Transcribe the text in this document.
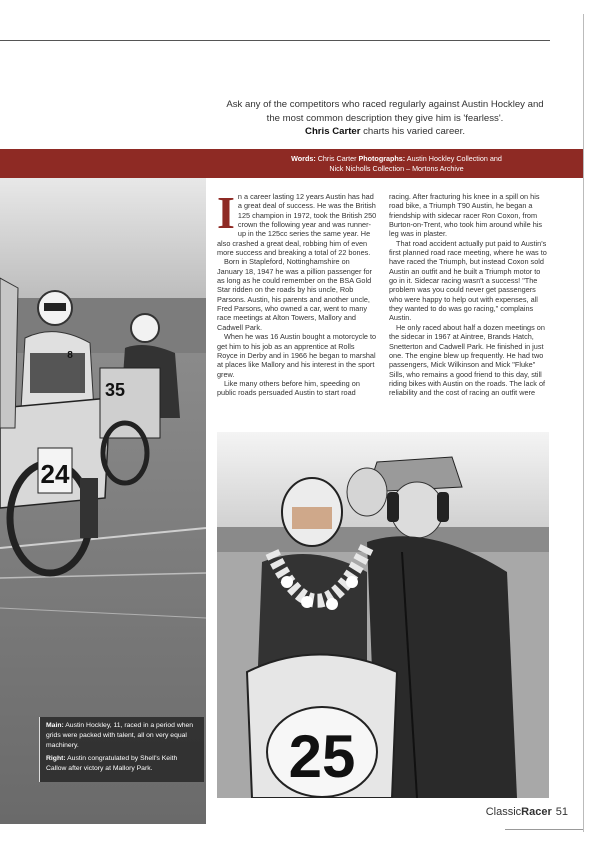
Ask any of the competitors who raced regularly against Austin Hockley and
the most common description they give him is 'fearless'.
Chris Carter charts his varied career.
Words: Chris Carter Photographs: Austin Hockley Collection and
Nick Nicholls Collection – Mortons Archive
I n a career lasting 12 years Austin has had a great deal of success. He was the British 125 champion in 1972, took the British 250 crown the following year and was runner-up in the 125cc series the same year. He also crashed a great deal, robbing him of even more success and breaking a total of 22 bones.

Born in Stapleford, Nottinghamshire on January 18, 1947 he was a pillion passenger for as long as he could remember on the BSA Gold Star ridden on the roads by his uncle, Rob Parsons. Austin, his parents and another uncle, Fred Parsons, who owned a car, went to many race meetings at Alton Towers, Mallory and Cadwell Park.

When he was 16 Austin bought a motorcycle to get him to his job as an apprentice at Rolls Royce in Derby and in 1966 he began to marshal at places like Mallory and his interest in the sport grew.

Like many others before him, speeding on public roads persuaded Austin to start road

racing. After fracturing his knee in a spill on his road bike, a Triumph T90 Austin, he began a friendship with sidecar racer Ron Coxon, from Burton-on-Trent, who took him around while his leg was in plaster.

That road accident actually put paid to Austin's first planned road race meeting, where he was to have raced the Triumph, but instead Coxon sold Austin an outfit and he built a Triumph motor to go in it. Sidecar racing wasn't a success! "The problem was you could never get passengers who were happy to help out with expenses, all they wanted to do was go racing," complains Austin.

He only raced about half a dozen meetings on the sidecar in 1967 at Aintree, Brands Hatch, Snetterton and Cadwell Park. He finished in just one. The engine blew up frequently. He had two passengers, Mick Wilkinson and Mick "Fluke" Sills, who remains a good friend to this day, still riding bikes with Austin on the roads. The lack of reliability and the cost of racing an outfit were

24
35
8

Main: Austin Hockley, 11, raced in a period when grids were packed with talent, all on very equal machinery.

Right: Austin congratulated by Shell's Keith Callow after victory at Mallory Park.	25
ClassicRacer 51
